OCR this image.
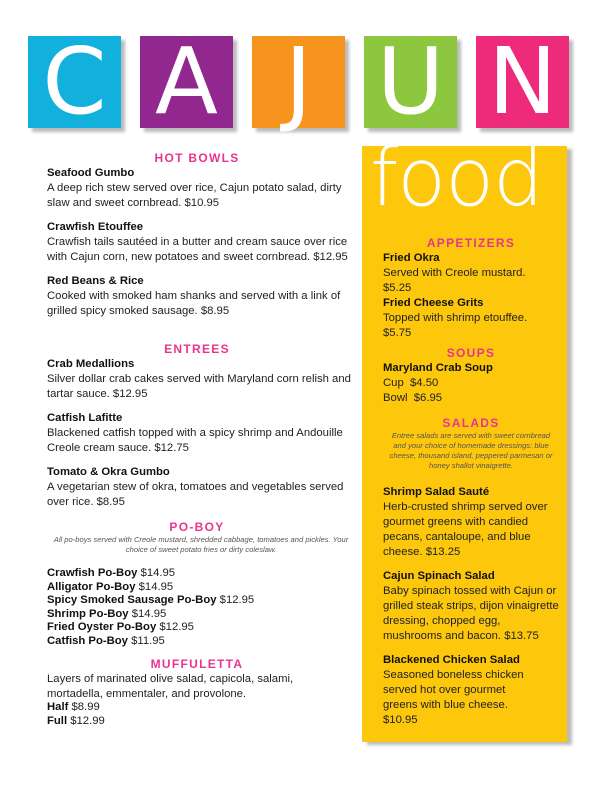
C A J U N
food
HOT BOWLS
Seafood Gumbo
A deep rich stew served over rice, Cajun potato salad, dirty slaw and sweet cornbread. $10.95
Crawfish Etouffee
Crawfish tails sautéed in a butter and cream sauce over rice with Cajun corn, new potatoes and sweet cornbread. $12.95
Red Beans & Rice
Cooked with smoked ham shanks and served with a link of grilled spicy smoked sausage. $8.95
ENTREES
Crab Medallions
Silver dollar crab cakes served with Maryland corn relish and tartar sauce. $12.95
Catfish Lafitte
Blackened catfish topped with a spicy shrimp and Andouille Creole cream sauce. $12.75
Tomato & Okra Gumbo
A vegetarian stew of okra, tomatoes and vegetables served over rice. $8.95
PO-BOY
All po-boys served with Creole mustard, shredded cabbage, tomatoes and pickles. Your choice of sweet potato fries or dirty coleslaw.
Crawfish Po-Boy $14.95
Alligator Po-Boy $14.95
Spicy Smoked Sausage Po-Boy $12.95
Shrimp Po-Boy $14.95
Fried Oyster Po-Boy $12.95
Catfish Po-Boy $11.95
MUFFULETTA
Layers of marinated olive salad, capicola, salami, mortadella, emmentaler, and provolone.
Half $8.99
Full $12.99
APPETIZERS
Fried Okra
Served with Creole mustard. $5.25
Fried Cheese Grits
Topped with shrimp etouffee. $5.75
SOUPS
Maryland Crab Soup
Cup  $4.50
Bowl  $6.95
SALADS
Entree salads are served with sweet cornbread and your choice of homemade dressings: blue cheese, thousand island, peppered parmesan or honey shallot vinaigrette.
Shrimp Salad Sauté
Herb-crusted shrimp served over gourmet greens with candied pecans, cantaloupe, and blue cheese. $13.25
Cajun Spinach Salad
Baby spinach tossed with Cajun or grilled steak strips, dijon vinaigrette dressing, chopped egg, mushrooms and bacon. $13.75
Blackened Chicken Salad
Seasoned boneless chicken served hot over gourmet greens with blue cheese. $10.95
